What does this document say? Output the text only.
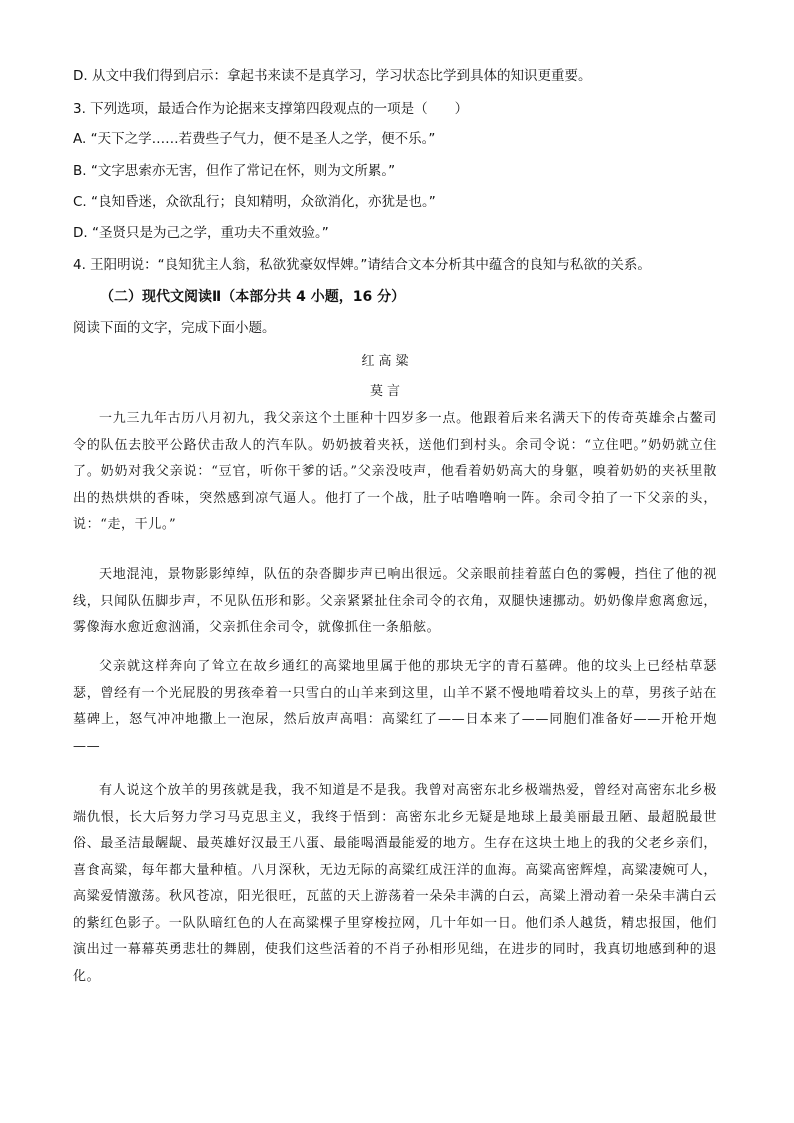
D. 从文中我们得到启示：拿起书来读不是真学习，学习状态比学到具体的知识更重要。
3. 下列选项，最适合作为论据来支撑第四段观点的一项是（　　）
A. “天下之学……若费些子气力，便不是圣人之学，便不乐。”
B. “文字思索亦无害，但作了常记在怀，则为文所累。”
C. “良知昏迷，众欲乱行；良知精明，众欲消化，亦犹是也。”
D. “圣贤只是为己之学，重功夫不重效验。”
4. 王阳明说：“良知犹主人翁，私欲犹豪奴悍婢。”请结合文本分析其中蕴含的良知与私欲的关系。
（二）现代文阅读Ⅱ（本部分共 4 小题，16 分）
阅读下面的文字，完成下面小题。
红高粱
莫言

一九三九年古历八月初九，我父亲这个土匪种十四岁多一点。他跟着后来名满天下的传奇英雄余占鳌司令的队伍去胶平公路伏击敌人的汽车队。奶奶披着夹袄，送他们到村头。余司令说：“立住吧。”奶奶就立住了。奶奶对我父亲说：“豆官，听你干爹的话。”父亲没吱声，他看着奶奶高大的身躯，嗅着奶奶的夹袄里散出的热烘烘的香味，突然感到凉气逼人。他打了一个战，肚子咕噜噜响一阵。余司令拍了一下父亲的头，说：“走，干儿。”

天地混沌，景物影影绰绰，队伍的杂沓脚步声已响出很远。父亲眼前挂着蓝白色的雾幔，挡住了他的视线，只闻队伍脚步声，不见队伍形和影。父亲紧紧扯住余司令的衣角，双腿快速挪动。奶奶像岸愈离愈远，雾像海水愈近愈汹涌，父亲抓住余司令，就像抓住一条船舷。

父亲就这样奔向了耸立在故乡通红的高粱地里属于他的那块无字的青石墓碑。他的坟头上已经枯草瑟瑟，曾经有一个光屁股的男孩牵着一只雪白的山羊来到这里，山羊不紧不慢地啃着坟头上的草，男孩子站在墓碑上，怒气冲冲地撒上一泡尿，然后放声高唱：高粱红了——日本来了——同胞们准备好——开枪开炮——

有人说这个放羊的男孩就是我，我不知道是不是我。我曾对高密东北乡极端热爱，曾经对高密东北乡极端仇恨，长大后努力学习马克思主义，我终于悟到：高密东北乡无疑是地球上最美丽最丑陋、最超脱最世俗、最圣洁最龌龊、最英雄好汉最王八蛋、最能喝酒最能爱的地方。生存在这块土地上的我的父老乡亲们，喜食高粱，每年都大量种植。八月深秋，无边无际的高粱红成汪洋的血海。高粱高密辉煌，高粱凄婉可人，高粱爱情激荡。秋风苍凉，阳光很旺，瓦蓝的天上游荡着一朵朵丰满的白云，高粱上滑动着一朵朵丰满白云的紫红色影子。一队队暗红色的人在高粱棵子里穿梭拉网，几十年如一日。他们杀人越货，精忠报国，他们演出过一幕幕英勇悲壮的舞剧，使我们这些活着的不肖子孙相形见绌，在进步的同时，我真切地感到种的退化。
